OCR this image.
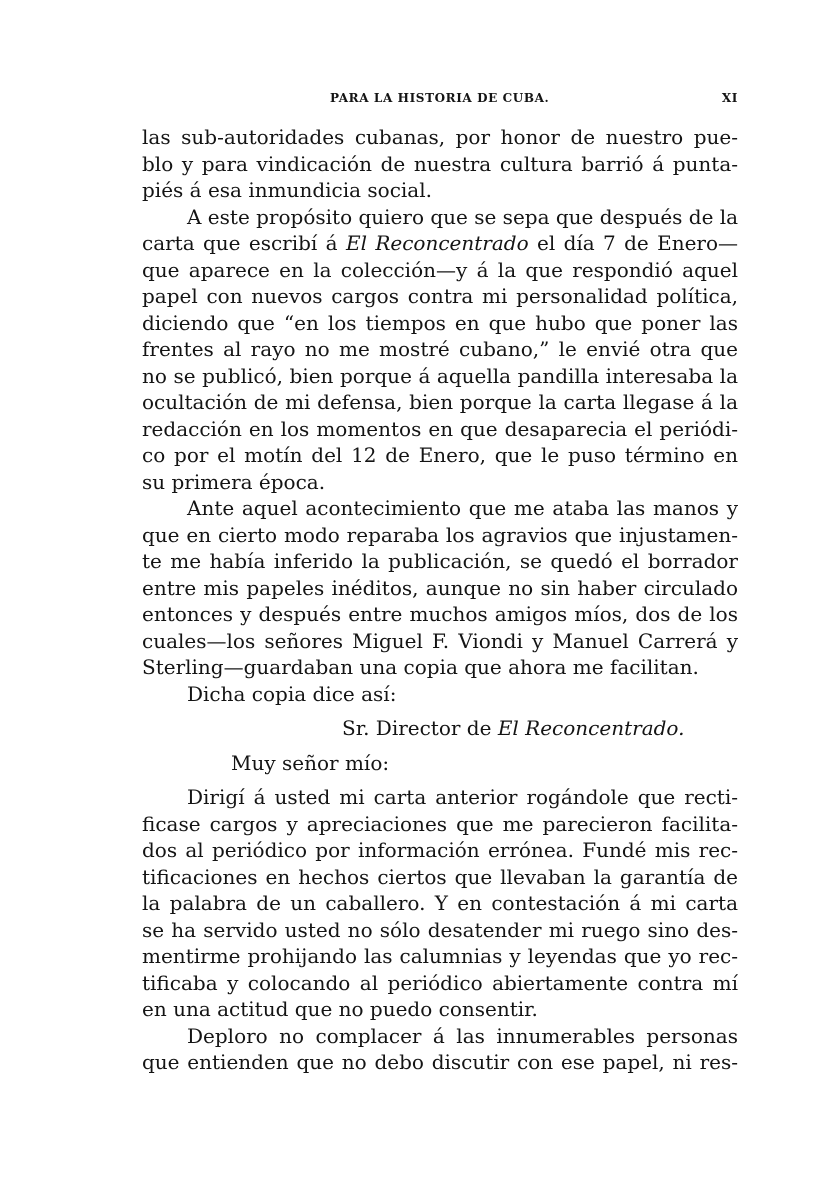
PARA LA HISTORIA DE CUBA.	XI
las sub-autoridades cubanas, por honor de nuestro pue-
blo y para vindicación de nuestra cultura barrió á punta-
piés á esa inmundicia social.
A este propósito quiero que se sepa que después de la
carta que escribí á El Reconcentrado el día 7 de Enero—
que aparece en la colección—y á la que respondió aquel
papel con nuevos cargos contra mi personalidad política,
diciendo que “en los tiempos en que hubo que poner las
frentes al rayo no me mostré cubano,” le envié otra que
no se publicó, bien porque á aquella pandilla interesaba la
ocultación de mi defensa, bien porque la carta llegase á la
redacción en los momentos en que desaparecia el periódi-
co por el motín del 12 de Enero, que le puso término en
su primera época.
Ante aquel acontecimiento que me ataba las manos y
que en cierto modo reparaba los agravios que injustamen-
te me había inferido la publicación, se quedó el borrador
entre mis papeles inéditos, aunque no sin haber circulado
entonces y después entre muchos amigos míos, dos de los
cuales—los señores Miguel F. Viondi y Manuel Carrerá y
Sterling—guardaban una copia que ahora me facilitan.
Dicha copia dice así:
Sr. Director de El Reconcentrado.
Muy señor mío:
Dirigí á usted mi carta anterior rogándole que recti-
ficase cargos y apreciaciones que me parecieron facilita-
dos al periódico por información errónea. Fundé mis rec-
tificaciones en hechos ciertos que llevaban la garantía de
la palabra de un caballero. Y en contestación á mi carta
se ha servido usted no sólo desatender mi ruego sino des-
mentirme prohijando las calumnias y leyendas que yo rec-
tificaba y colocando al periódico abiertamente contra mí
en una actitud que no puedo consentir.
Deploro no complacer á las innumerables personas
que entienden que no debo discutir con ese papel, ni res-
